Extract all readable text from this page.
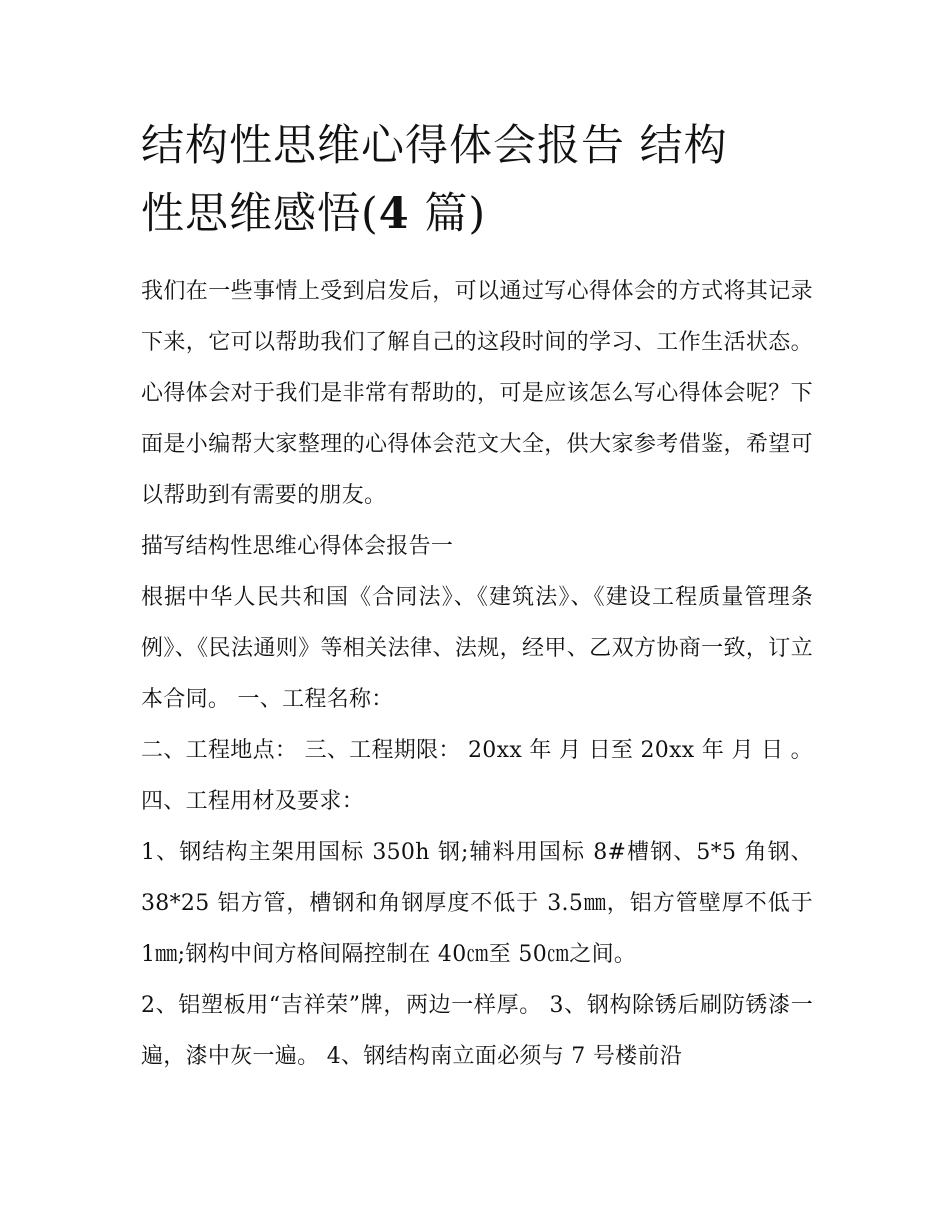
结构性思维心得体会报告 结构
性思维感悟(4 篇)

我们在一些事情上受到启发后，可以通过写心得体会的方式将其记录下来，它可以帮助我们了解自己的这段时间的学习、工作生活状态。心得体会对于我们是非常有帮助的，可是应该怎么写心得体会呢？下面是小编帮大家整理的心得体会范文大全，供大家参考借鉴，希望可以帮助到有需要的朋友。

描写结构性思维心得体会报告一

根据中华人民共和国《合同法》、《建筑法》、《建设工程质量管理条例》、《民法通则》等相关法律、法规，经甲、乙双方协商一致，订立本合同。 一、工程名称：

二、工程地点： 三、工程期限： 20xx 年 月 日至 20xx 年 月 日 。 四、工程用材及要求：

1、钢结构主架用国标 350h 钢;辅料用国标 8#槽钢、5*5 角钢、38*25 铝方管，槽钢和角钢厚度不低于 3.5㎜，铝方管壁厚不低于 1㎜;钢构中间方格间隔控制在 40㎝至 50㎝之间。

2、铝塑板用“吉祥荣”牌，两边一样厚。 3、钢构除锈后刷防锈漆一遍，漆中灰一遍。 4、钢结构南立面必须与 7 号楼前沿
